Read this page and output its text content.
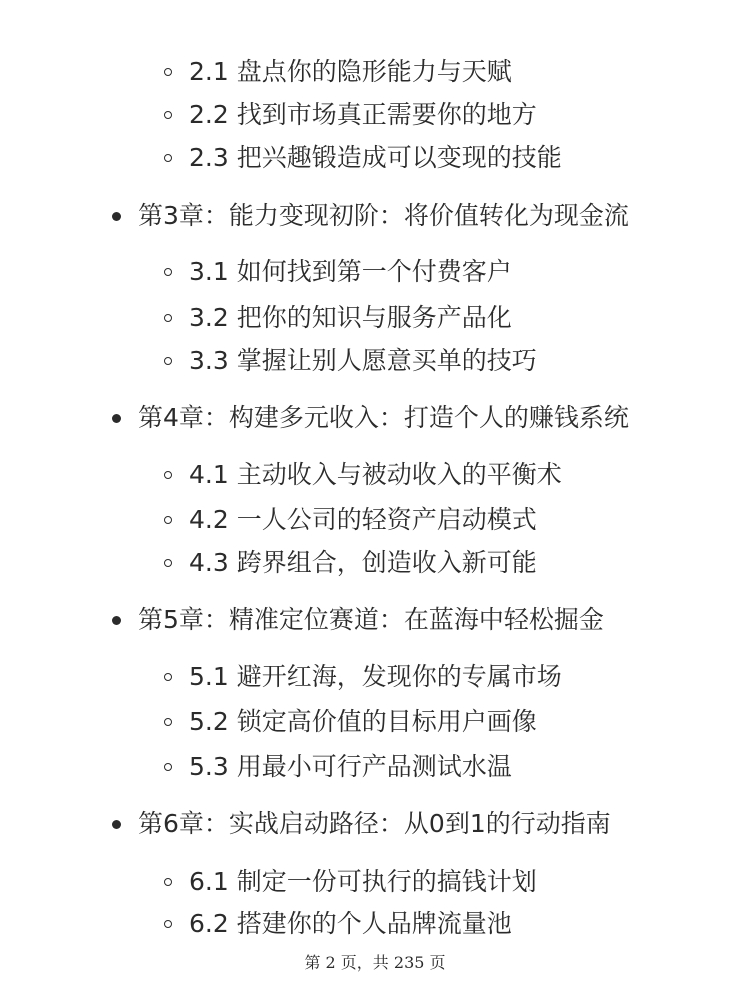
2.1 盘点你的隐形能力与天赋
2.2 找到市场真正需要你的地方
2.3 把兴趣锻造成可以变现的技能
第3章：能力变现初阶：将价值转化为现金流
3.1 如何找到第一个付费客户
3.2 把你的知识与服务产品化
3.3 掌握让别人愿意买单的技巧
第4章：构建多元收入：打造个人的赚钱系统
4.1 主动收入与被动收入的平衡术
4.2 一人公司的轻资产启动模式
4.3 跨界组合，创造收入新可能
第5章：精准定位赛道：在蓝海中轻松掘金
5.1 避开红海，发现你的专属市场
5.2 锁定高价值的目标用户画像
5.3 用最小可行产品测试水温
第6章：实战启动路径：从0到1的行动指南
6.1 制定一份可执行的搞钱计划
6.2 搭建你的个人品牌流量池
第 2 页，共 235 页
